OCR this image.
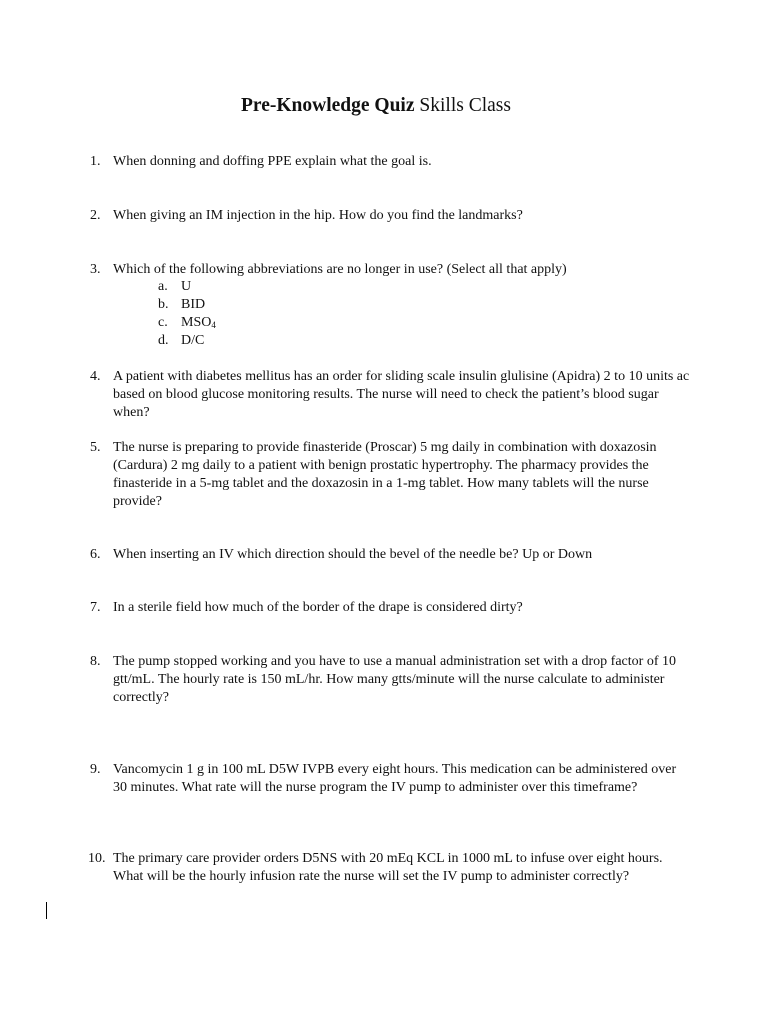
Pre-Knowledge Quiz Skills Class
1. When donning and doffing PPE explain what the goal is.
2. When giving an IM injection in the hip. How do you find the landmarks?
3. Which of the following abbreviations are no longer in use? (Select all that apply)
a. U
b. BID
c. $MSO_4$
d. D/C
4. A patient with diabetes mellitus has an order for sliding scale insulin glulisine (Apidra) 2 to 10 units ac based on blood glucose monitoring results. The nurse will need to check the patient’s blood sugar when?
5. The nurse is preparing to provide finasteride (Proscar) 5 mg daily in combination with doxazosin (Cardura) 2 mg daily to a patient with benign prostatic hypertrophy. The pharmacy provides the finasteride in a 5-mg tablet and the doxazosin in a 1-mg tablet. How many tablets will the nurse provide?
6. When inserting an IV which direction should the bevel of the needle be? Up or Down
7. In a sterile field how much of the border of the drape is considered dirty?
8. The pump stopped working and you have to use a manual administration set with a drop factor of 10 gtt/mL. The hourly rate is 150 mL/hr. How many gtts/minute will the nurse calculate to administer correctly?
9. Vancomycin 1 g in 100 mL D5W IVPB every eight hours. This medication can be administered over 30 minutes. What rate will the nurse program the IV pump to administer over this timeframe?
10. The primary care provider orders D5NS with 20 mEq KCL in 1000 mL to infuse over eight hours. What will be the hourly infusion rate the nurse will set the IV pump to administer correctly?
